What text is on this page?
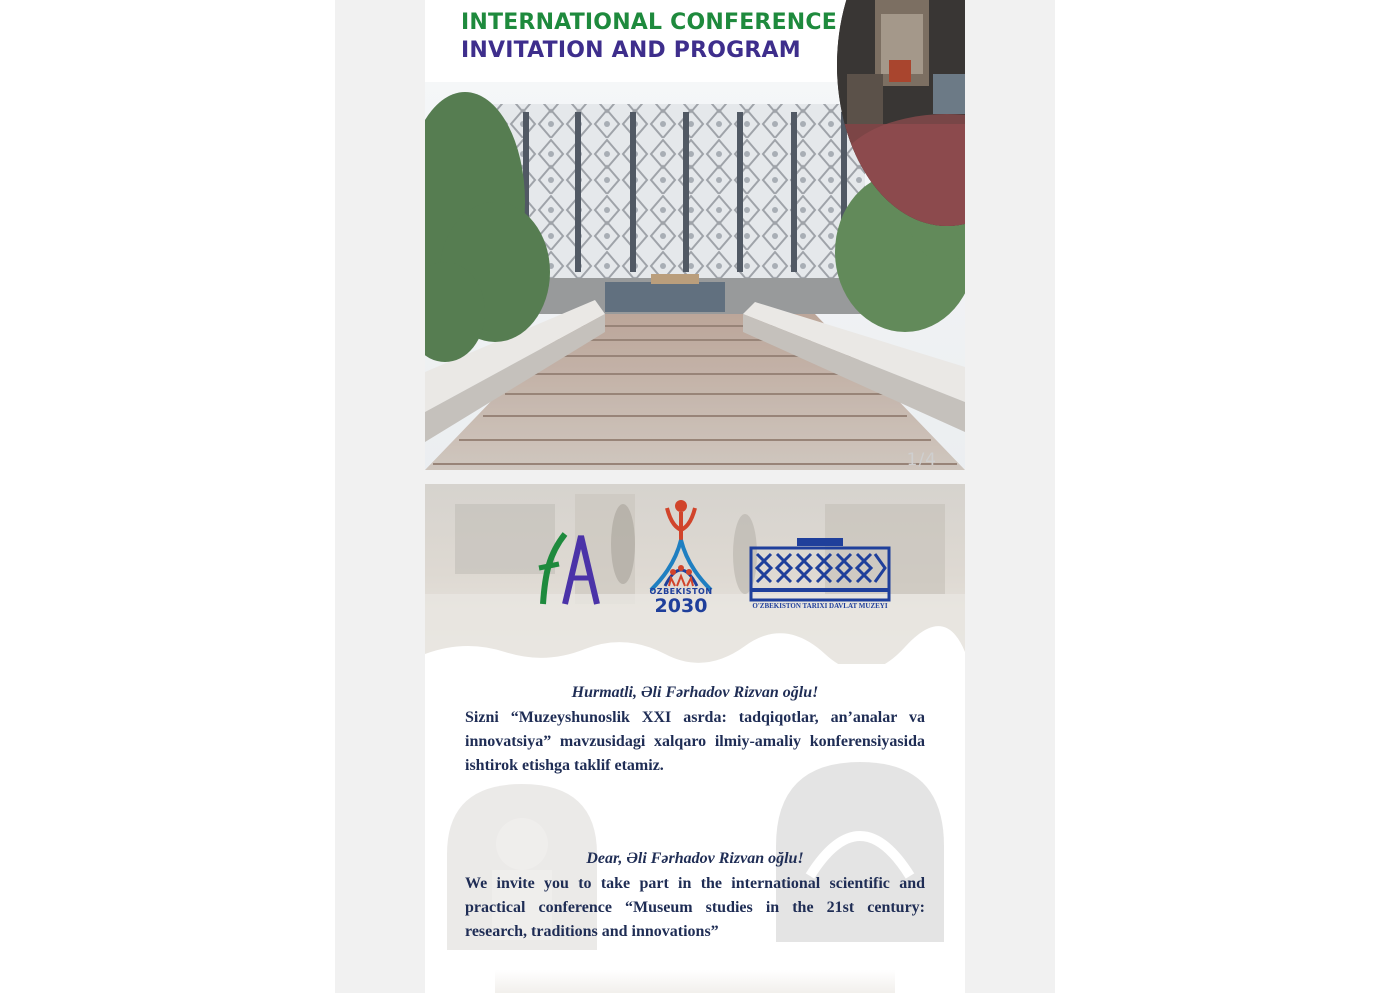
INTERNATIONAL CONFERENCE
INVITATION AND PROGRAM
1/4
OZBEKISTON
2030	O'ZBEKISTON TARIXI DAVLAT MUZEYI
Hurmatli, Əli Fərhadov Rizvan oğlu!
Sizni “Muzeyshunoslik XXI asrda: tadqiqotlar, an’analar va innovatsiya” mavzusidagi xalqaro ilmiy-amaliy konferensiyasida ishtirok etishga taklif etamiz.
Dear, Əli Fərhadov Rizvan oğlu!
We invite you to take part in the international scientific and practical conference “Museum studies in the 21st century: research, traditions and innovations”
